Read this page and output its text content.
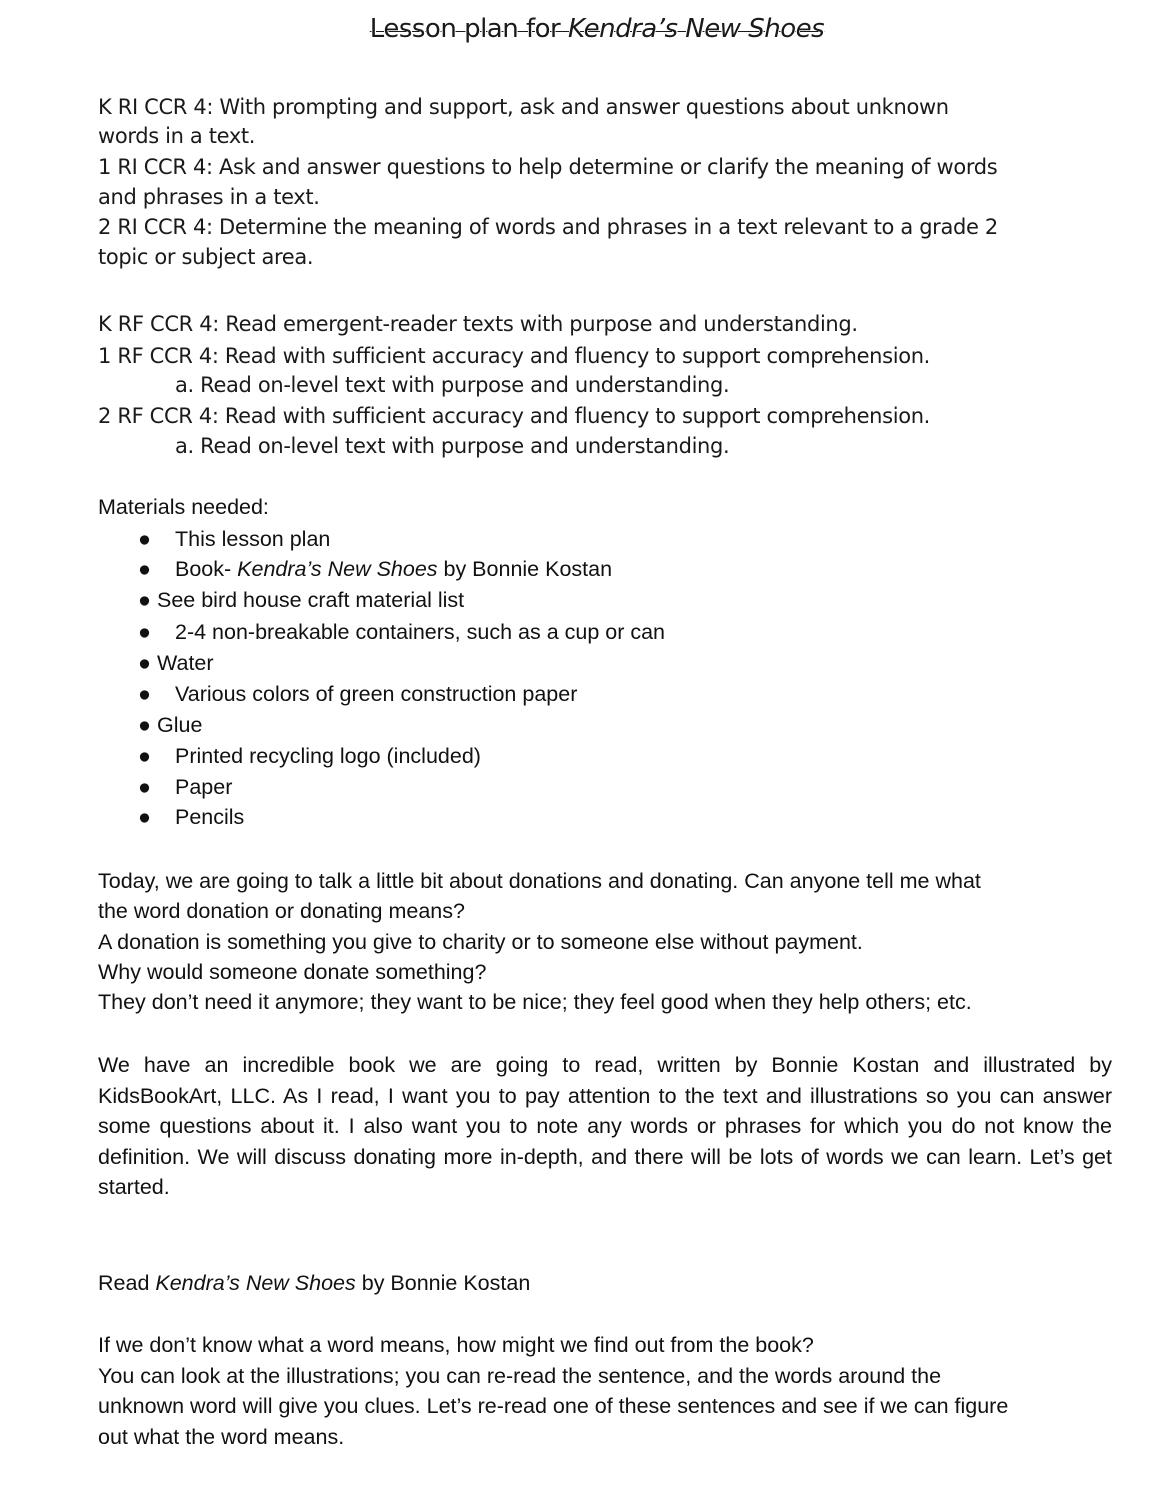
Lesson plan for Kendra’s New Shoes
K RI CCR 4: With prompting and support, ask and answer questions about unknown
words in a text.
1 RI CCR 4: Ask and answer questions to help determine or clarify the meaning of words
and phrases in a text.
2 RI CCR 4: Determine the meaning of words and phrases in a text relevant to a grade 2
topic or subject area.
K RF CCR 4: Read emergent-reader texts with purpose and understanding.
1 RF CCR 4: Read with sufficient accuracy and fluency to support comprehension.
a. Read on-level text with purpose and understanding.
2 RF CCR 4: Read with sufficient accuracy and fluency to support comprehension.
a. Read on-level text with purpose and understanding.
Materials needed:
● This lesson plan
● Book- Kendra’s New Shoes by Bonnie Kostan
● See bird house craft material list
● 2-4 non-breakable containers, such as a cup or can
● Water
● Various colors of green construction paper
● Glue
● Printed recycling logo (included)
● Paper
● Pencils
Today, we are going to talk a little bit about donations and donating. Can anyone tell me what
the word donation or donating means?
A donation is something you give to charity or to someone else without payment.
Why would someone donate something?
They don’t need it anymore; they want to be nice; they feel good when they help others; etc.
We have an incredible book we are going to read, written by Bonnie Kostan and illustrated by KidsBookArt, LLC. As I read, I want you to pay attention to the text and illustrations so you can answer some questions about it. I also want you to note any words or phrases for which you do not know the definition. We will discuss donating more in-depth, and there will be lots of words we can learn. Let’s get started.
Read Kendra’s New Shoes by Bonnie Kostan
If we don’t know what a word means, how might we find out from the book?
You can look at the illustrations; you can re-read the sentence, and the words around the
unknown word will give you clues. Let’s re-read one of these sentences and see if we can figure
out what the word means.
